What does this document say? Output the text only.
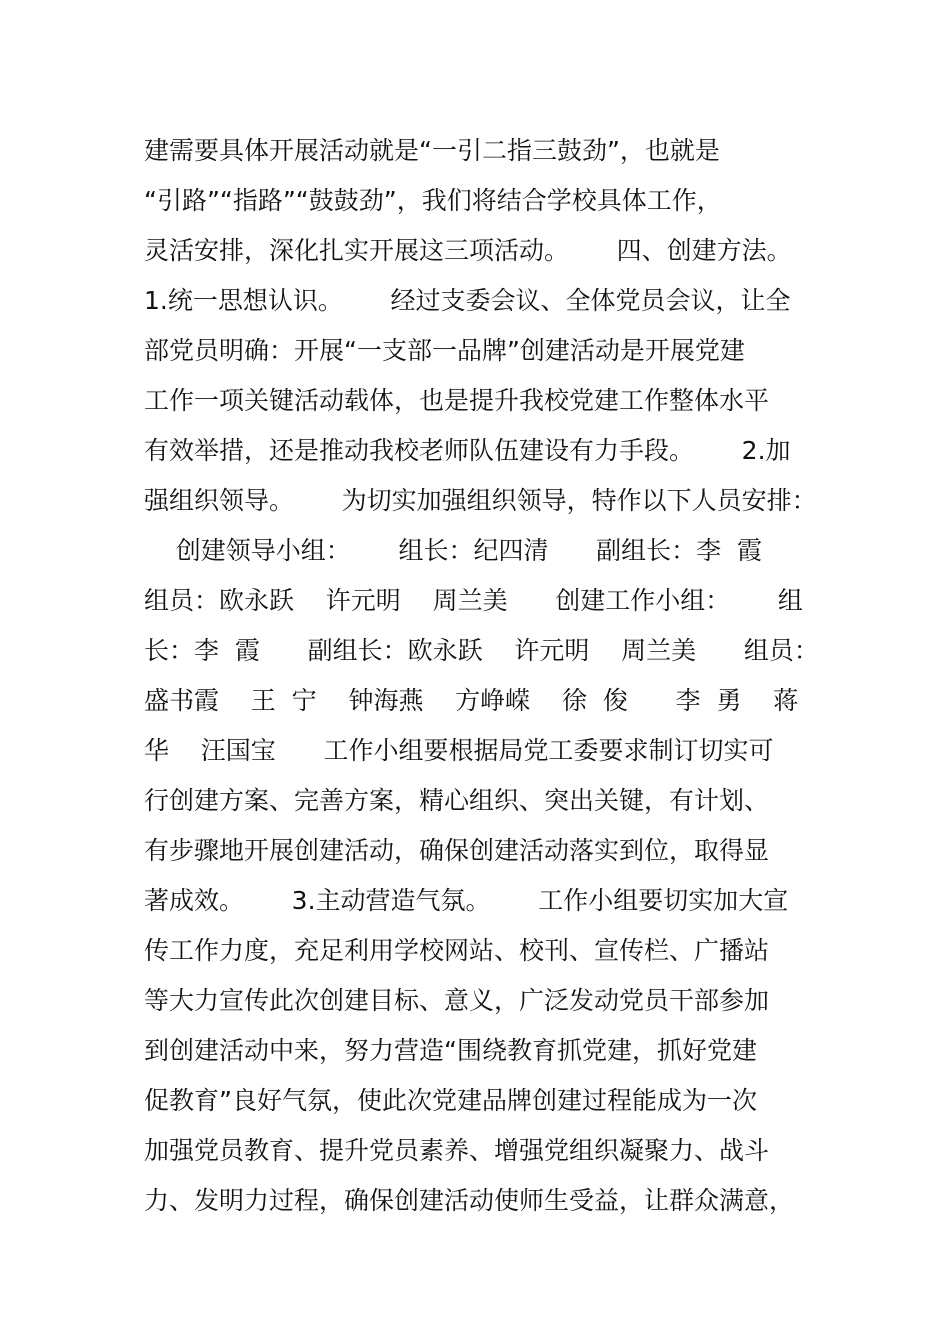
建需要具体开展活动就是“一引二指三鼓劲”，也就是
“引路”“指路”“鼓鼓劲”，我们将结合学校具体工作，
灵活安排，深化扎实开展这三项活动。      四、创建方法。
1.统一思想认识。      经过支委会议、全体党员会议，让全
部党员明确：开展“一支部一品牌”创建活动是开展党建
工作一项关键活动载体，也是提升我校党建工作整体水平
有效举措，还是推动我校老师队伍建设有力手段。      2.加
强组织领导。      为切实加强组织领导，特作以下人员安排：
创建领导小组：      组长：纪四清      副组长：李  霞
组员：欧永跃    许元明    周兰美      创建工作小组：      组
长：李  霞      副组长：欧永跃    许元明    周兰美      组员：
盛书霞    王  宁    钟海燕    方峥嵘    徐  俊      李  勇    蒋
华    汪国宝      工作小组要根据局党工委要求制订切实可
行创建方案、完善方案，精心组织、突出关键，有计划、
有步骤地开展创建活动，确保创建活动落实到位，取得显
著成效。      3.主动营造气氛。      工作小组要切实加大宣
传工作力度，充足利用学校网站、校刊、宣传栏、广播站
等大力宣传此次创建目标、意义，广泛发动党员干部参加
到创建活动中来，努力营造“围绕教育抓党建，抓好党建
促教育”良好气氛，使此次党建品牌创建过程能成为一次
加强党员教育、提升党员素养、增强党组织凝聚力、战斗
力、发明力过程，确保创建活动使师生受益，让群众满意，
